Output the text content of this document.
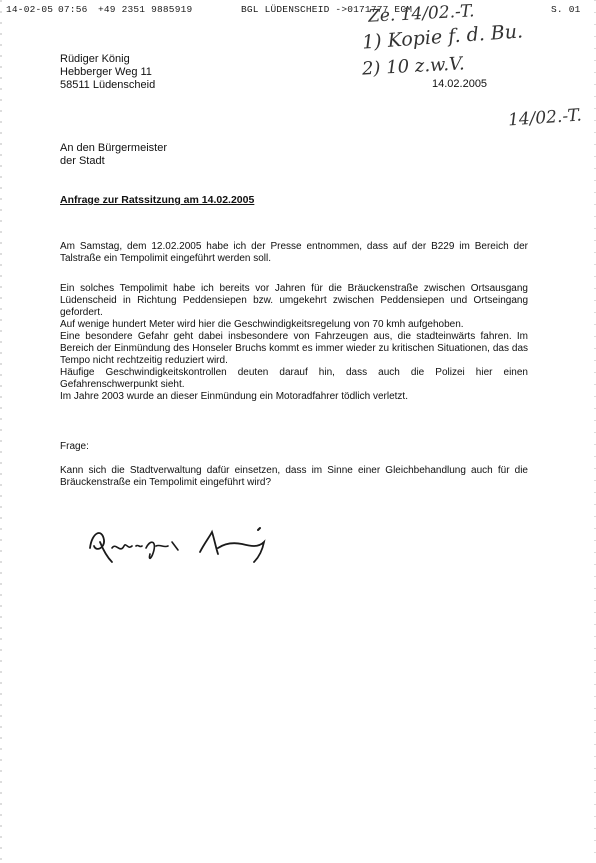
14-02-05 07:56 +49 2351 9885919	BGL LÜDENSCHEID ->0171777 ECM	S. 01
Ze. 14/02.-T.
1) Kopie f. d. Bu.
2) 10 z.w.V.
14/02.-T.
Rüdiger König
Hebberger Weg 11
58511 Lüdenscheid	14.02.2005
An den Bürgermeister
der Stadt
Anfrage zur Ratssitzung am 14.02.2005
Am Samstag, dem 12.02.2005 habe ich der Presse entnommen, dass auf der B229 im Bereich der Talstraße ein Tempolimit eingeführt werden soll.
Ein solches Tempolimit habe ich bereits vor Jahren für die Bräuckenstraße zwischen Ortsausgang Lüdenscheid in Richtung Peddensiepen bzw. umgekehrt zwischen Peddensiepen und Ortseingang gefordert.
Auf wenige hundert Meter wird hier die Geschwindigkeitsregelung von 70 kmh aufgehoben.
Eine besondere Gefahr geht dabei insbesondere von Fahrzeugen aus, die stadteinwärts fahren. Im Bereich der Einmündung des Honseler Bruchs kommt es immer wieder zu kritischen Situationen, das das Tempo nicht rechtzeitig reduziert wird.
Häufige Geschwindigkeitskontrollen deuten darauf hin, dass auch die Polizei hier einen Gefahrenschwerpunkt sieht.
Im Jahre 2003 wurde an dieser Einmündung ein Motoradfahrer tödlich verletzt.
Frage:
Kann sich die Stadtverwaltung dafür einsetzen, dass im Sinne einer Gleichbehandlung auch für die Bräuckenstraße ein Tempolimit eingeführt wird?
